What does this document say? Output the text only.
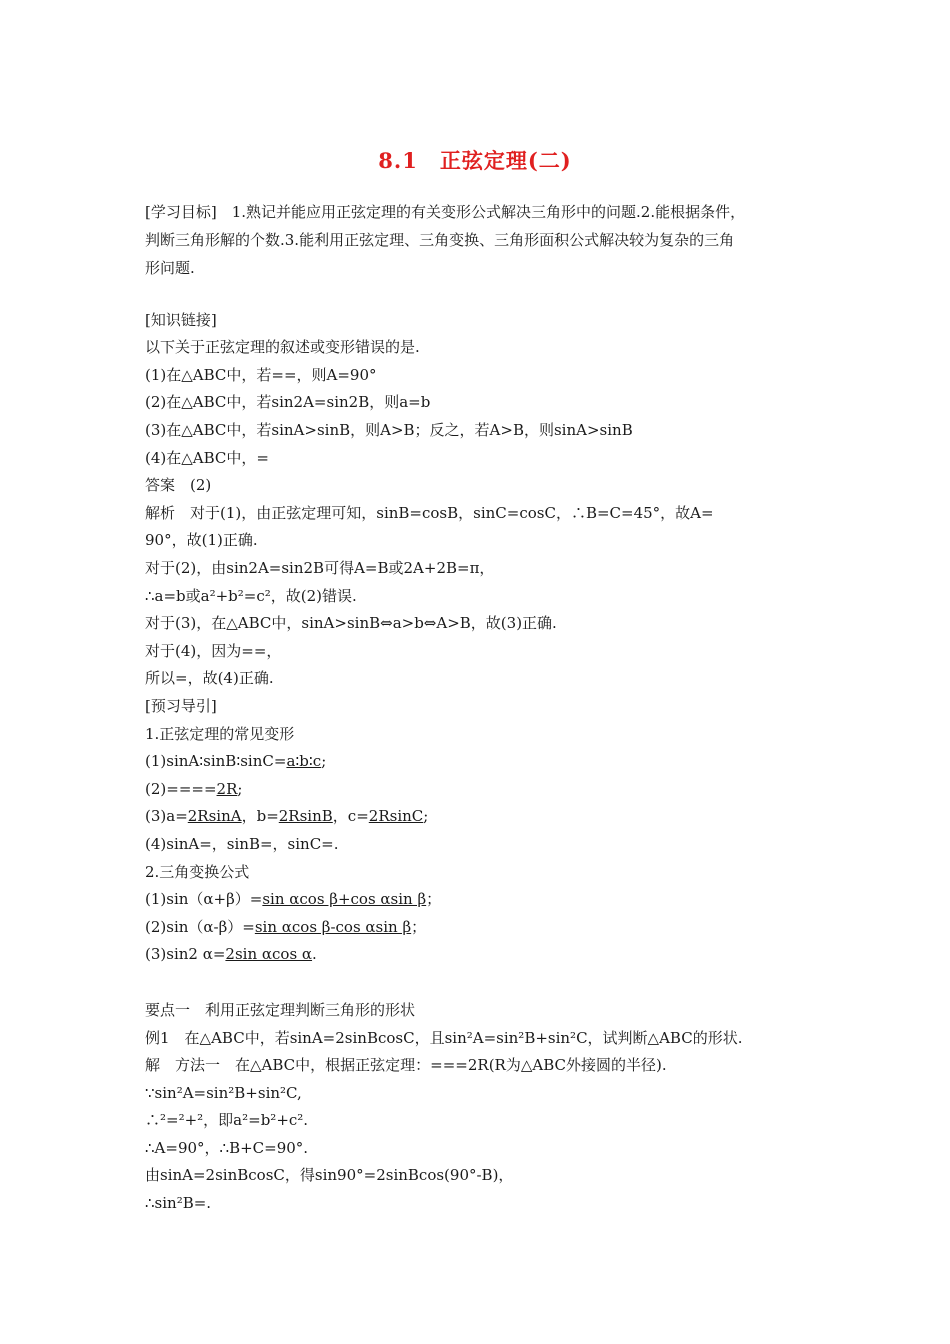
8.1　正弦定理(二)
[学习目标]　1.熟记并能应用正弦定理的有关变形公式解决三角形中的问题.2.能根据条件，
判断三角形解的个数.3.能利用正弦定理、三角变换、三角形面积公式解决较为复杂的三角
形问题.
[知识链接]
以下关于正弦定理的叙述或变形错误的是.
(1)在△ABC中，若==，则A=90°
(2)在△ABC中，若sin2A=sin2B，则a=b
(3)在△ABC中，若sinA>sinB，则A>B；反之，若A>B，则sinA>sinB
(4)在△ABC中，=
答案　(2)
解析　对于(1)，由正弦定理可知，sinB=cosB，sinC=cosC，∴B=C=45°，故A=
90°，故(1)正确.
对于(2)，由sin2A=sin2B可得A=B或2A+2B=π，
∴a=b或a²+b²=c²，故(2)错误.
对于(3)，在△ABC中，sinA>sinB⇔a>b⇔A>B，故(3)正确.
对于(4)，因为==，
所以=，故(4)正确.
[预习导引]
1.正弦定理的常见变形
(1)sinA∶sinB∶sinC=a∶b∶c;
(2)====2R;
(3)a=2RsinA，b=2RsinB，c=2RsinC;
(4)sinA=，sinB=，sinC=.
2.三角变换公式
(1)sin（α+β）=sin αcos β+cos αsin β；
(2)sin（α-β）=sin αcos β-cos αsin β；
(3)sin2 α=2sin αcos α.
要点一　利用正弦定理判断三角形的形状
例1　在△ABC中，若sinA=2sinBcosC，且sin²A=sin²B+sin²C，试判断△ABC的形状.
解　方法一　在△ABC中，根据正弦定理：===2R(R为△ABC外接圆的半径).
∵sin²A=sin²B+sin²C,
∴²=²+²，即a²=b²+c².
∴A=90°，∴B+C=90°.
由sinA=2sinBcosC，得sin90°=2sinBcos(90°-B)，
∴sin²B=.
